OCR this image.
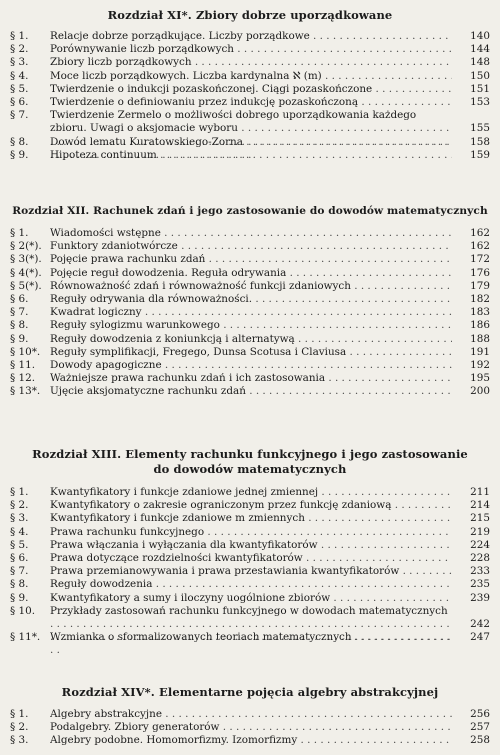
Rozdział XI*. Zbiory dobrze uporządkowane
§ 1.	Relacje dobrze porządkujące. Liczby porządkowe . . .	140
§ 2.	Porównywanie liczb porządkowych . . .	144
§ 3.	Zbiory liczb porządkowych . . .	148
§ 4.	Moce liczb porządkowych. Liczba kardynalna ℵ (m) . . .	150
§ 5.	Twierdzenie o indukcji pozaskończonej. Ciągi pozaskończone . . .	151
§ 6.	Twierdzenie o definiowaniu przez indukcję pozaskończoną . . .	153
§ 7.	Twierdzenie Zermelo o możliwości dobrego uporządkowania każdego zbioru. Uwagi o aksjomacie wyboru . . .	155
§ 8.	Dowód lematu Kuratowskiego-Zorna . . .	158
§ 9.	Hipoteza continuum . . .	159
Rozdział XII. Rachunek zdań i jego zastosowanie do dowodów matematycznych
§ 1.	Wiadomości wstępne . . .	162
§ 2(*). Funktory zdaniotwórcze . . .	162
§ 3(*). Pojęcie prawa rachunku zdań . . .	172
§ 4(*). Pojęcie reguł dowodzenia. Reguła odrywania . . .	176
§ 5(*). Równoważność zdań i równoważność funkcji zdaniowych . . .	179
§ 6.	Reguły odrywania dla równoważności. . . .	182
§ 7.	Kwadrat logiczny . . .	183
§ 8.	Reguły sylogizmu warunkowego . . .	186
§ 9.	Reguły dowodzenia z koniunkcją i alternatywą . . .	188
§ 10*. Reguły symplifikacji, Fregego, Dunsa Scotusa i Claviusa . . .	191
§ 11.	Dowody apagogiczne . . .	192
§ 12.	Ważniejsze prawa rachunku zdań i ich zastosowania . . .	195
§ 13*. Ujęcie aksjomatyczne rachunku zdań . . .	200
Rozdział XIII. Elementy rachunku funkcyjnego i jego zastosowanie
do dowodów matematycznych
§ 1.	Kwantyfikatory i funkcje zdaniowe jednej zmiennej . . .	211
§ 2.	Kwantyfikatory o zakresie ograniczonym przez funkcję zdaniową . . .	214
§ 3.	Kwantyfikatory i funkcje zdaniowe m zmiennych . . .	215
§ 4.	Prawa rachunku funkcyjnego . . .	219
§ 5.	Prawa włączania i wyłączania dla kwantyfikatorów . . .	224
§ 6.	Prawa dotyczące rozdzielności kwantyfikatorów . . .	228
§ 7.	Prawa przemianowywania i prawa przestawiania kwantyfikatorów . . .	233
§ 8.	Reguły dowodzenia . . .	235
§ 9.	Kwantyfikatory a sumy i iloczyny uogólnione zbiorów . . .	239
§ 10.	Przykłady zastosowań rachunku funkcyjnego w dowodach matematycznych . . .
242
§ 11*. Wzmianka o sformalizowanych teoriach matematycznych . . .	247
Rozdział XIV*. Elementarne pojęcia algebry abstrakcyjnej
§ 1.	Algebry abstrakcyjne . . .	256
§ 2.	Podalgebry. Zbiory generatorów . . .	257
§ 3.	Algebry podobne. Homomorfizmy. Izomorfizmy . . .	258
